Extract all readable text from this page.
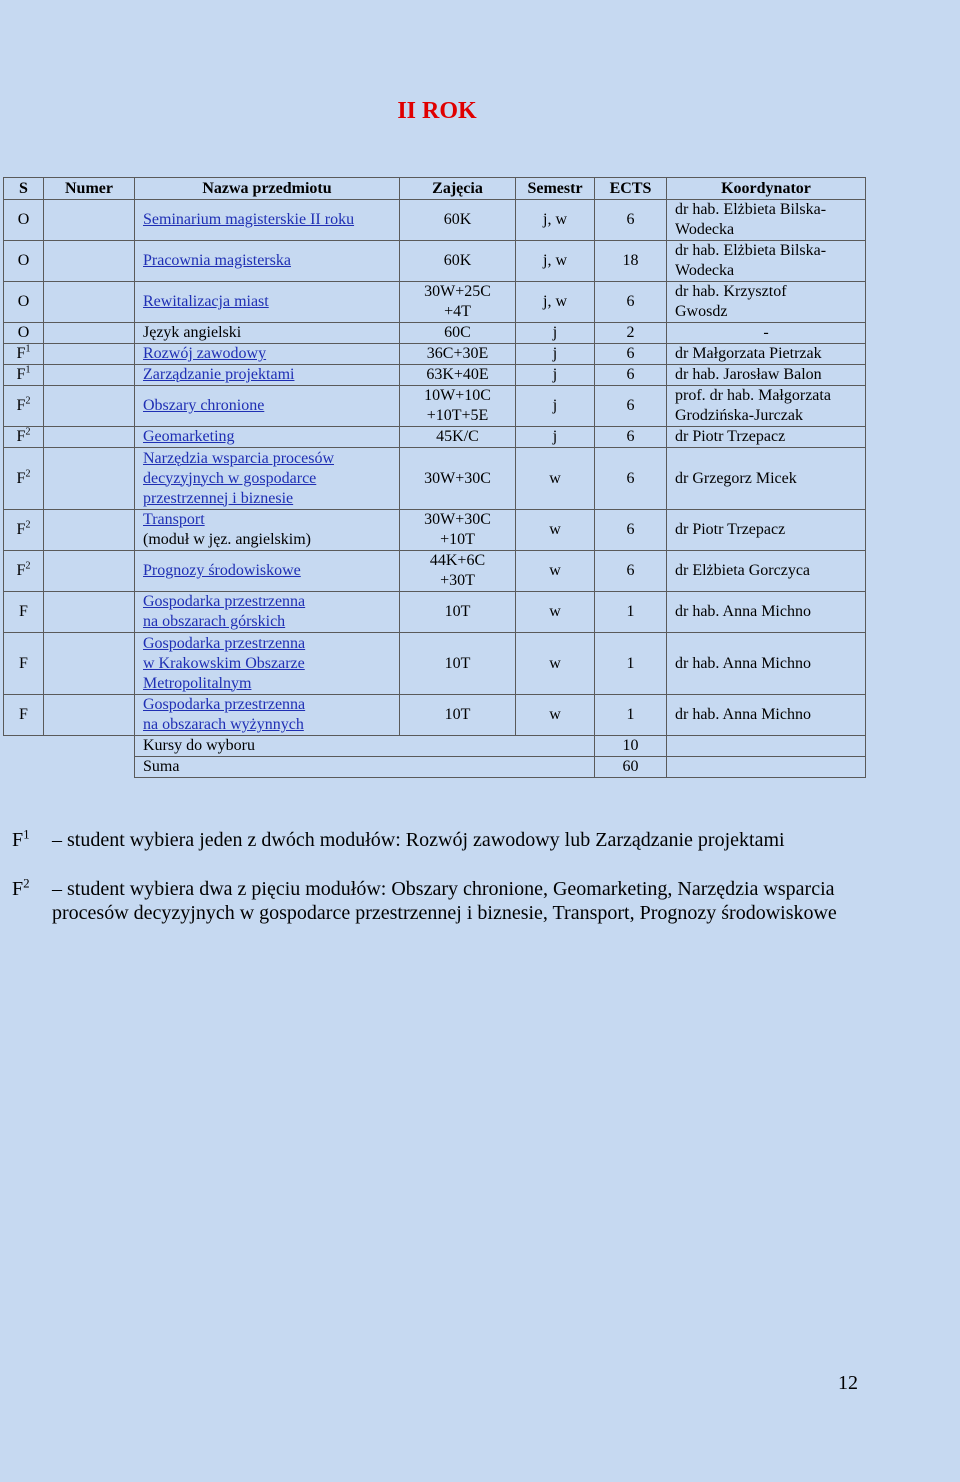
II ROK
S	Numer	Nazwa przedmiotu	Zajęcia	Semestr	ECTS	Koordynator
O		Seminarium magisterskie II roku	60K	j, w	6	dr hab. Elżbieta Bilska-
Wodecka
O		Pracownia magisterska	60K	j, w	18	dr hab. Elżbieta Bilska-
Wodecka
O		Rewitalizacja miast	30W+25C
+4T	j, w	6	dr hab. Krzysztof
Gwosdz
O		Język angielski	60C	j	2	-
$F^1$		Rozwój zawodowy	36C+30E	j	6	dr Małgorzata Pietrzak
$F^1$		Zarządzanie projektami	63K+40E	j	6	dr hab. Jarosław Balon
$F^2$		Obszary chronione	10W+10C
+10T+5E	j	6	prof. dr hab. Małgorzata
Grodzińska-Jurczak
$F^2$		Geomarketing	45K/C	j	6	dr Piotr Trzepacz
$F^2$		Narzędzia wsparcia procesów
decyzyjnych w gospodarce
przestrzennej i biznesie	30W+30C	w	6	dr Grzegorz Micek
$F^2$		Transport
(moduł w jęz. angielskim)	30W+30C
+10T	w	6	dr Piotr Trzepacz
$F^2$		Prognozy środowiskowe	44K+6C
+30T	w	6	dr Elżbieta Gorczyca
F		Gospodarka przestrzenna
na obszarach górskich	10T	w	1	dr hab. Anna Michno
F		Gospodarka przestrzenna
w Krakowskim Obszarze
Metropolitalnym	10T	w	1	dr hab. Anna Michno
F		Gospodarka przestrzenna
na obszarach wyżynnych	10T	w	1	dr hab. Anna Michno
		Kursy do wyboru			10	
		Suma			60	
$F^1$ – student wybiera jeden z dwóch modułów: Rozwój zawodowy lub Zarządzanie projektami
$F^2$ – student wybiera dwa z pięciu modułów: Obszary chronione, Geomarketing, Narzędzia wsparcia procesów decyzyjnych w gospodarce przestrzennej i biznesie, Transport, Prognozy środowiskowe
12
